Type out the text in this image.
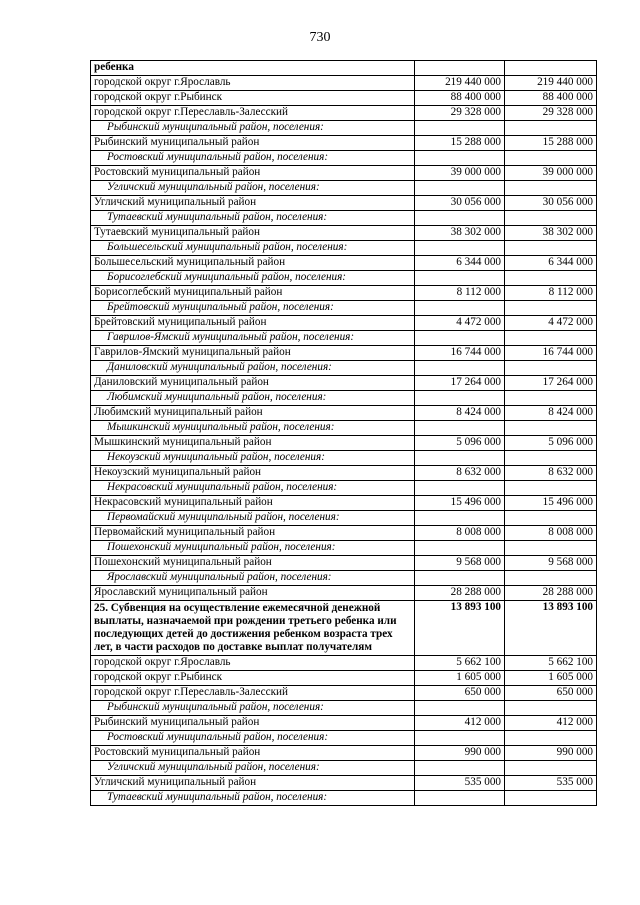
730
ребенка		
городской округ г.Ярославль	219 440 000	219 440 000
городской округ г.Рыбинск	88 400 000	88 400 000
городской округ г.Переславль-Залесский	29 328 000	29 328 000
Рыбинский муниципальный район, поселения:		
Рыбинский муниципальный район	15 288 000	15 288 000
Ростовский муниципальный район, поселения:		
Ростовский муниципальный район	39 000 000	39 000 000
Угличский муниципальный район, поселения:		
Угличский муниципальный район	30 056 000	30 056 000
Тутаевский муниципальный район, поселения:		
Тутаевский муниципальный район	38 302 000	38 302 000
Большесельский муниципальный район, поселения:		
Большесельский муниципальный район	6 344 000	6 344 000
Борисоглебский муниципальный район, поселения:		
Борисоглебский муниципальный район	8 112 000	8 112 000
Брейтовский муниципальный район, поселения:		
Брейтовский муниципальный район	4 472 000	4 472 000
Гаврилов-Ямский муниципальный район, поселения:		
Гаврилов-Ямский муниципальный район	16 744 000	16 744 000
Даниловский муниципальный район, поселения:		
Даниловский муниципальный район	17 264 000	17 264 000
Любимский муниципальный район, поселения:		
Любимский муниципальный район	8 424 000	8 424 000
Мышкинский муниципальный район, поселения:		
Мышкинский муниципальный район	5 096 000	5 096 000
Некоузский муниципальный район, поселения:		
Некоузский муниципальный район	8 632 000	8 632 000
Некрасовский муниципальный район, поселения:		
Некрасовский муниципальный район	15 496 000	15 496 000
Первомайский муниципальный район, поселения:		
Первомайский муниципальный район	8 008 000	8 008 000
Пошехонский муниципальный район, поселения:		
Пошехонский муниципальный район	9 568 000	9 568 000
Ярославский муниципальный район, поселения:		
Ярославский муниципальный район	28 288 000	28 288 000
25. Субвенция на осуществление ежемесячной денежной выплаты, назначаемой при рождении третьего ребенка или последующих детей до достижения ребенком возраста трех лет, в части расходов по доставке выплат получателям	13 893 100	13 893 100
городской округ г.Ярославль	5 662 100	5 662 100
городской округ г.Рыбинск	1 605 000	1 605 000
городской округ г.Переславль-Залесский	650 000	650 000
Рыбинский муниципальный район, поселения:		
Рыбинский муниципальный район	412 000	412 000
Ростовский муниципальный район, поселения:		
Ростовский муниципальный район	990 000	990 000
Угличский муниципальный район, поселения:		
Угличский муниципальный район	535 000	535 000
Тутаевский муниципальный район, поселения:		
